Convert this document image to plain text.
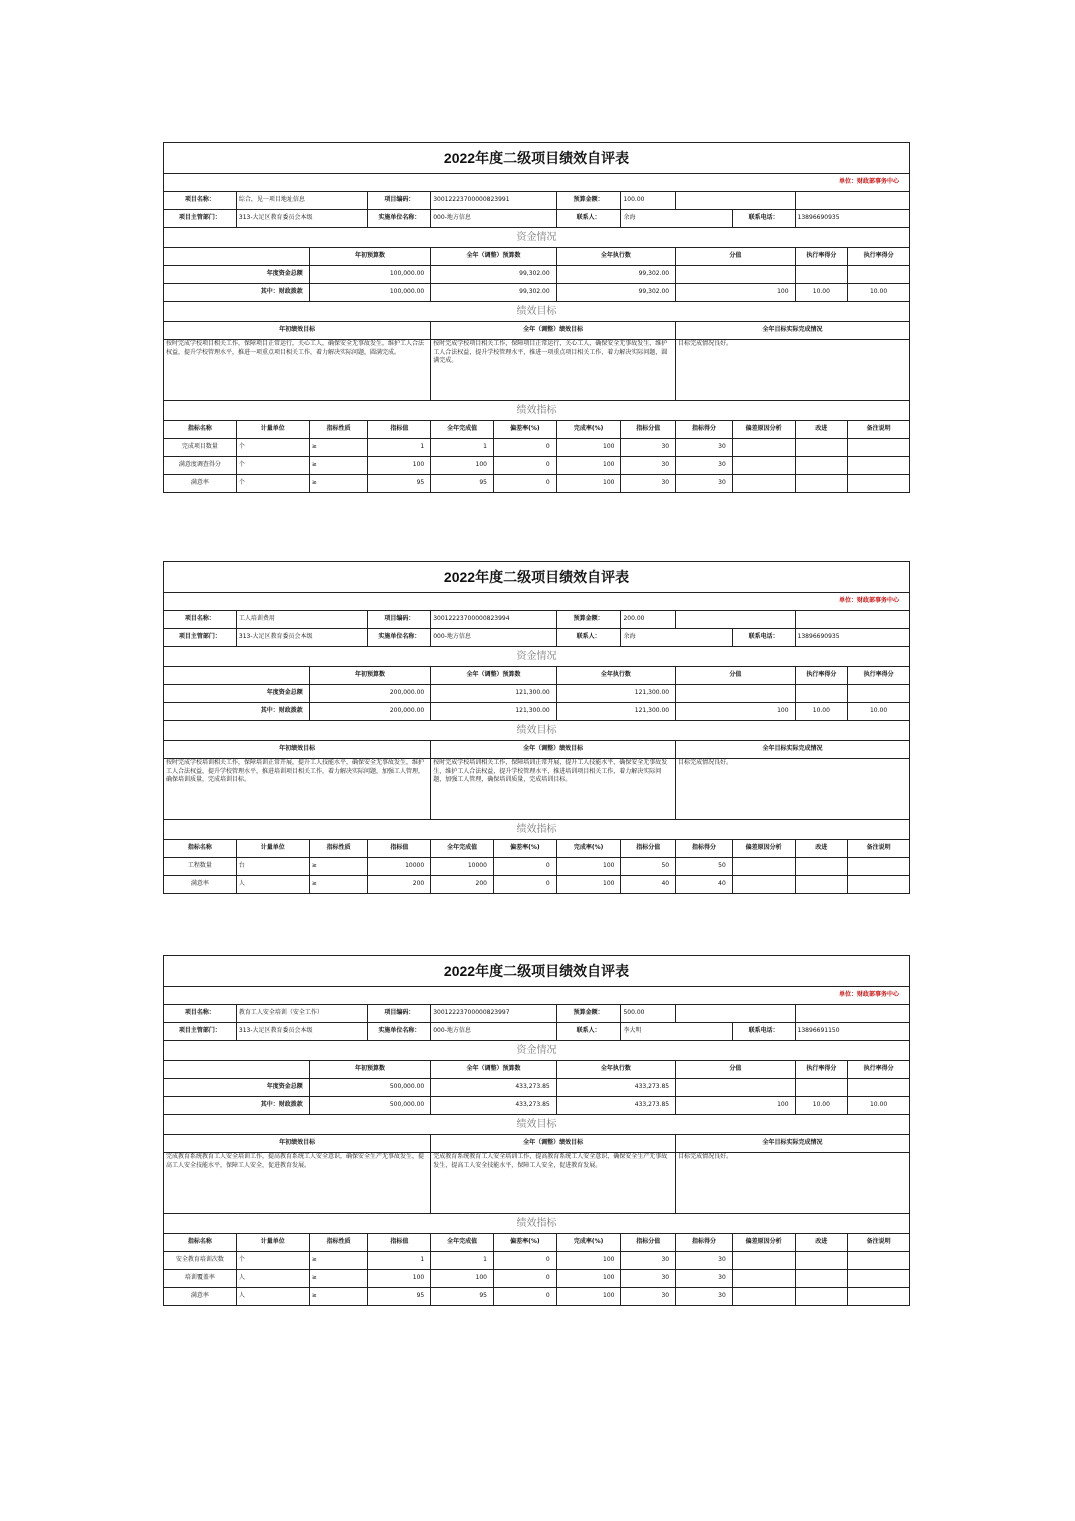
2022年度二级项目绩效自评表											
单位：财政部事务中心											
项目名称：	综合，见一项目地址信息		项目编码：	30012223700000823991		预算金额：	100.00				
项目主管部门：	313-大足区教育委员会本级		实施单位名称：	000-地方信息		联系人：	余海		联系电话：	13896690935	
资金情况											
		年初预算数		全年（调整）预算数		全年执行数		分值		执行率得分	执行率得分
年度资金总额		100,000.00		99,302.00		99,302.00					
其中：财政拨款		100,000.00		99,302.00		99,302.00		100		10.00	10.00
绩效目标											
年初绩效目标				全年（调整）绩效目标				全年目标实际完成情况			
按时完成学校项目相关工作，保障项目正常运行，关心工人，确保安全无事故发生，维护工人合法权益，提升学校管理水平，推进一项重点项目相关工作，着力解决实际问题，圆满完成。				按时完成学校项目相关工作，保障项目正常运行，关心工人，确保安全无事故发生，维护工人合法权益，提升学校管理水平，推进一项重点项目相关工作，着力解决实际问题，圆满完成。				目标完成情况良好。			
绩效指标											
指标名称	计量单位	指标性质	指标值	全年完成值	偏差率(%)	完成率(%)	指标分值	指标得分	偏差原因分析	改进	备注说明
完成项目数量	个	≥	1	1	0	100	30	30			
满意度调查得分	个	≥	100	100	0	100	30	30			
满意率	个	≥	95	95	0	100	30	30			
2022年度二级项目绩效自评表											
单位：财政部事务中心											
项目名称：	工人培训费用		项目编码：	30012223700000823994		预算金额：	200.00				
项目主管部门：	313-大足区教育委员会本级		实施单位名称：	000-地方信息		联系人：	余海		联系电话：	13896690935	
资金情况											
		年初预算数		全年（调整）预算数		全年执行数		分值		执行率得分	执行率得分
年度资金总额		200,000.00		121,300.00		121,300.00					
其中：财政拨款		200,000.00		121,300.00		121,300.00		100		10.00	10.00
绩效目标											
年初绩效目标				全年（调整）绩效目标				全年目标实际完成情况			
按时完成学校培训相关工作，保障培训正常开展，提升工人技能水平，确保安全无事故发生，维护工人合法权益，提升学校管理水平，推进培训项目相关工作，着力解决实际问题，加强工人管理，确保培训质量，完成培训目标。				按时完成学校培训相关工作，保障培训正常开展，提升工人技能水平，确保安全无事故发生，维护工人合法权益，提升学校管理水平，推进培训项目相关工作，着力解决实际问题，加强工人管理，确保培训质量，完成培训目标。				目标完成情况良好。			
绩效指标											
指标名称	计量单位	指标性质	指标值	全年完成值	偏差率(%)	完成率(%)	指标分值	指标得分	偏差原因分析	改进	备注说明
工程数量	台	≥	10000	10000	0	100	50	50			
满意率	人	≥	200	200	0	100	40	40			
2022年度二级项目绩效自评表											
单位：财政部事务中心											
项目名称：	教育工人安全培训（安全工作）		项目编码：	30012223700000823997		预算金额：	500.00				
项目主管部门：	313-大足区教育委员会本级		实施单位名称：	000-地方信息		联系人：	李大明		联系电话：	13896691150	
资金情况											
		年初预算数		全年（调整）预算数		全年执行数		分值		执行率得分	执行率得分
年度资金总额		500,000.00		433,273.85		433,273.85					
其中：财政拨款		500,000.00		433,273.85		433,273.85		100		10.00	10.00
绩效目标											
年初绩效目标				全年（调整）绩效目标				全年目标实际完成情况			
完成教育系统教育工人安全培训工作，提高教育系统工人安全意识，确保安全生产无事故发生，提高工人安全技能水平，保障工人安全，促进教育发展。				完成教育系统教育工人安全培训工作，提高教育系统工人安全意识，确保安全生产无事故发生，提高工人安全技能水平，保障工人安全，促进教育发展。				目标完成情况良好。			
绩效指标											
指标名称	计量单位	指标性质	指标值	全年完成值	偏差率(%)	完成率(%)	指标分值	指标得分	偏差原因分析	改进	备注说明
安全教育培训次数	个	≥	1	1	0	100	30	30			
培训覆盖率	人	≥	100	100	0	100	30	30			
满意率	人	≥	95	95	0	100	30	30			
